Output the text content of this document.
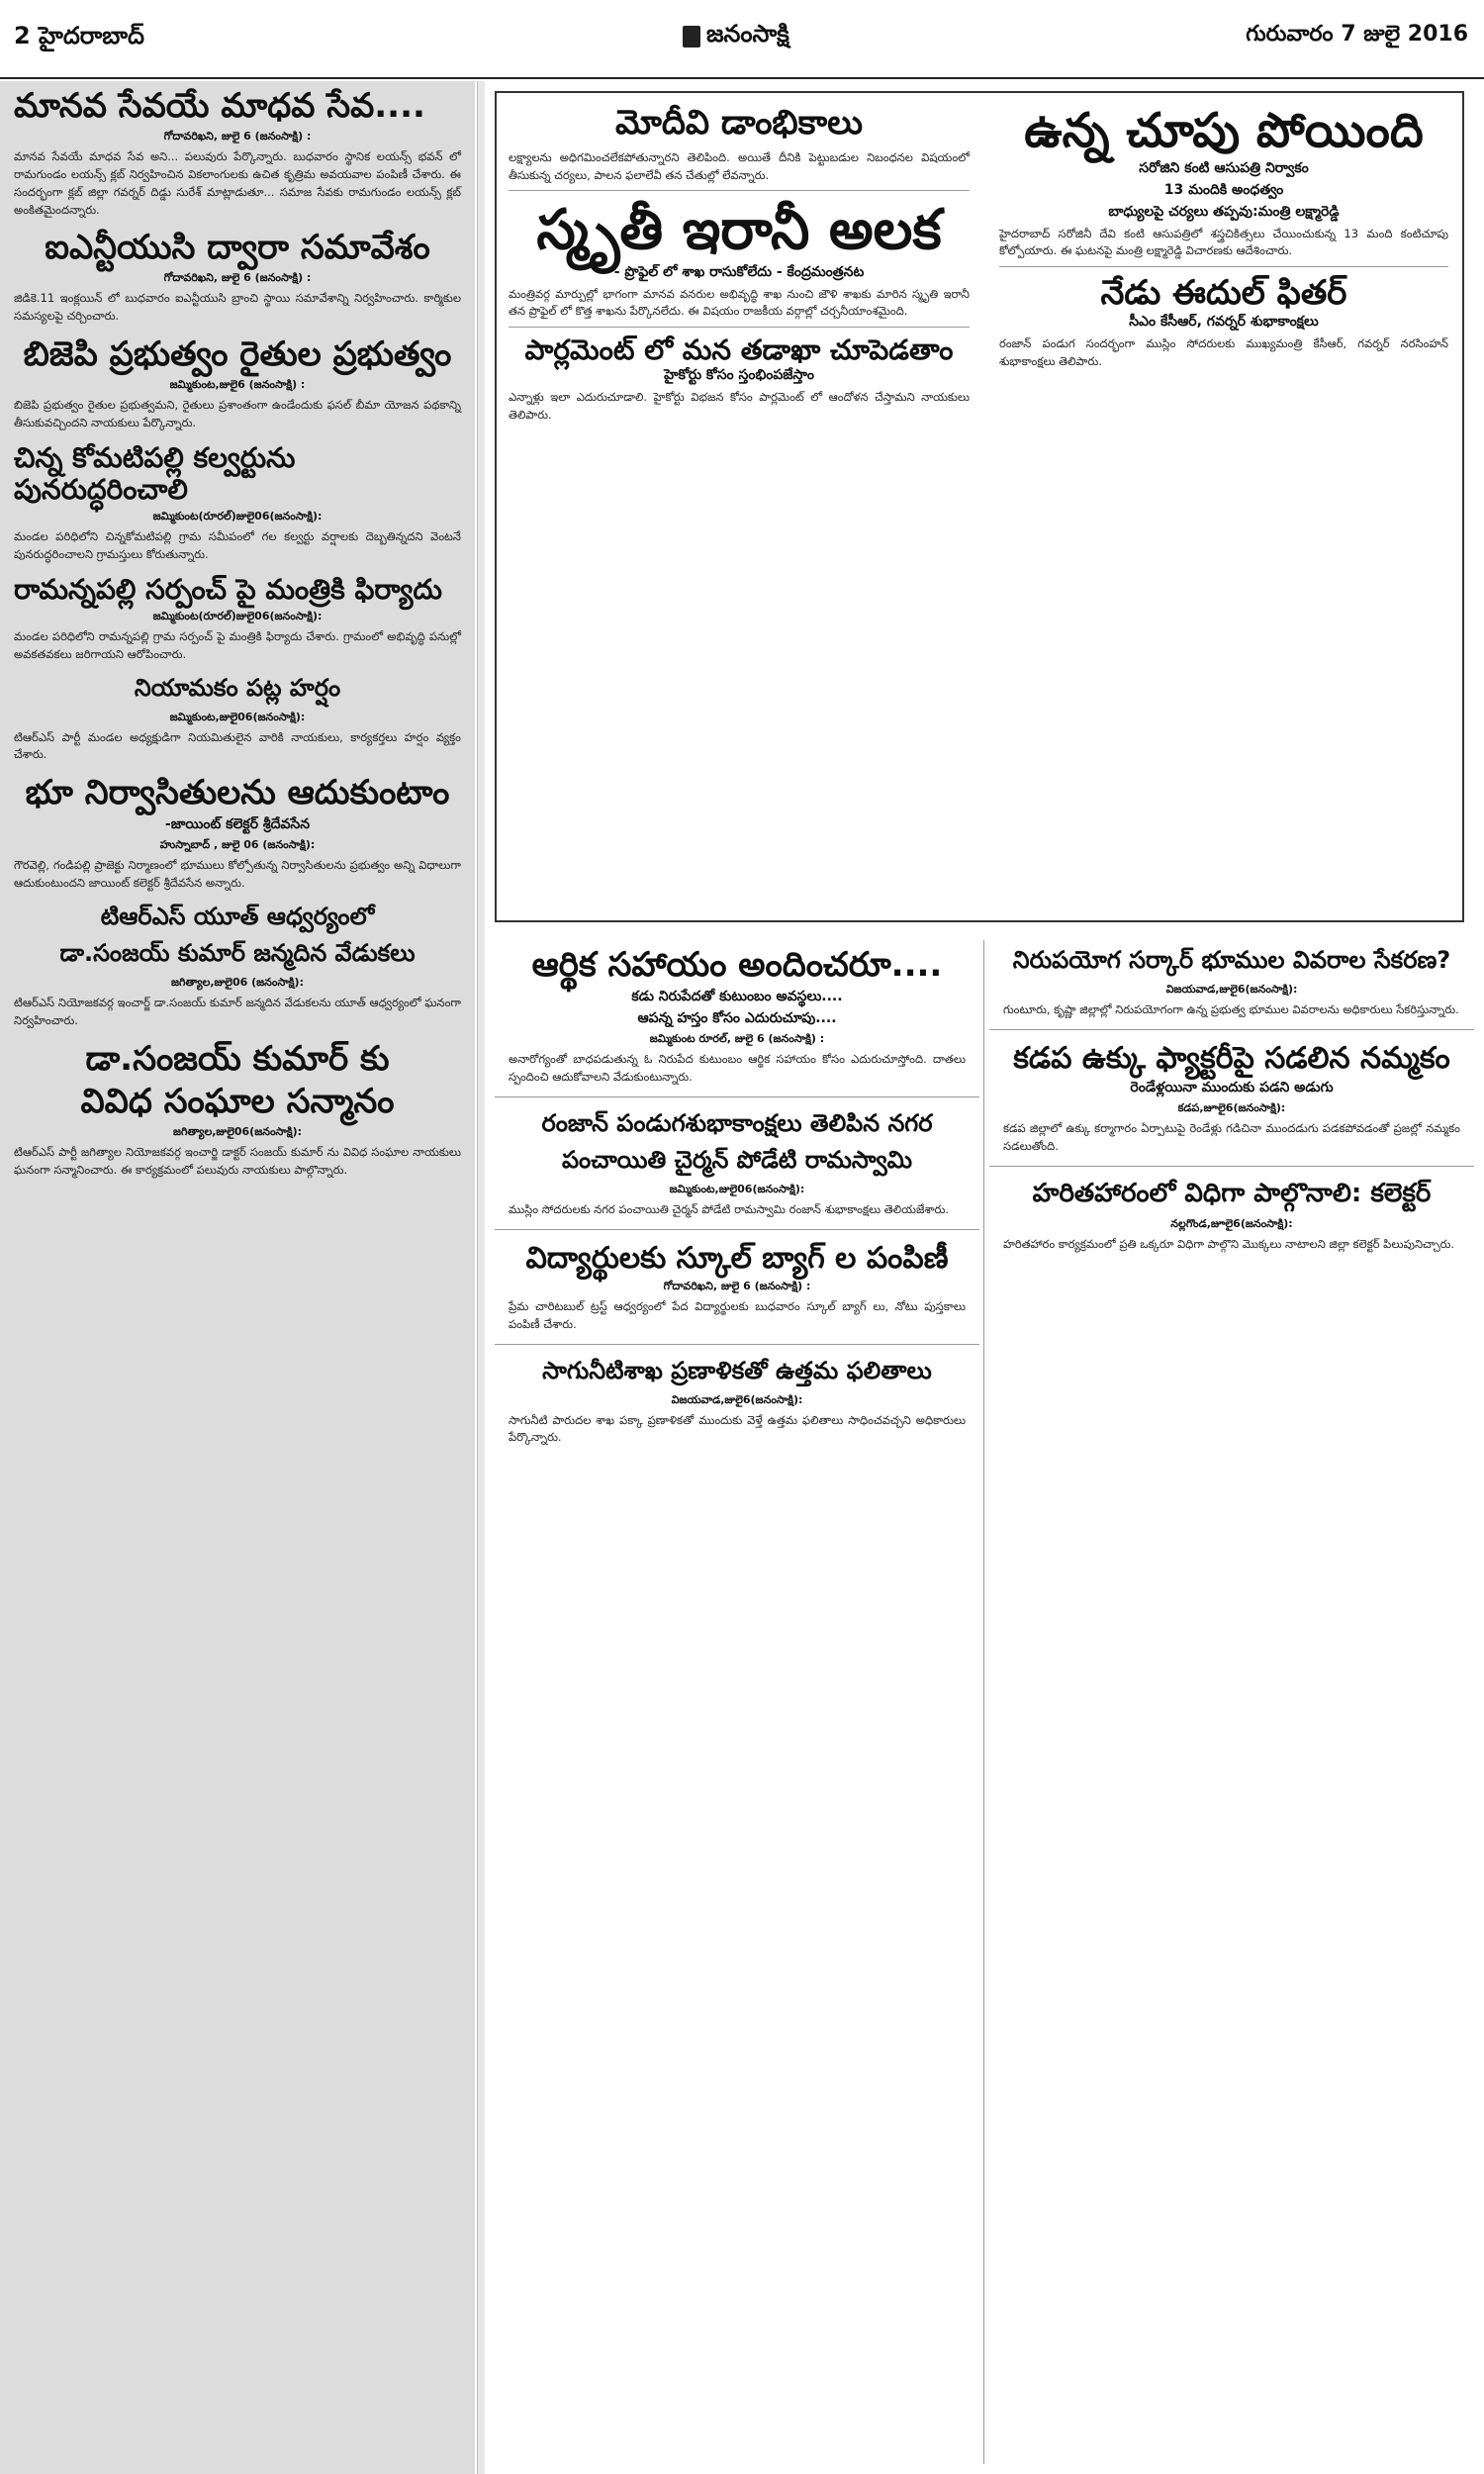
2 హైదరాబాద్	జనంసాక్షి	గురువారం 7 జులై 2016
మానవ సేవయే మాధవ సేవ....
గోదావరిఖని, జులై 6 (జనంసాక్షి) :

మానవ సేవయే మాధవ సేవ అని... పలువురు పేర్కొన్నారు. బుధవారం స్థానిక లయన్స్ భవన్ లో రామగుండం లయన్స్ క్లబ్ నిర్వహించిన వికలాంగులకు ఉచిత కృత్రిమ అవయవాల పంపిణీ చేశారు. ఈ సందర్భంగా క్లబ్ జిల్లా గవర్నర్ దిడ్డు సురేశ్ మాట్లాడుతూ... సమాజ సేవకు రామగుండం లయన్స్ క్లబ్ అంకితమైందన్నారు.

ఐఎన్టీయుసి ద్వారా సమావేశం
గోదావరిఖని, జులై 6 (జనంసాక్షి) :

జిడికె.11 ఇంక్లయిన్ లో బుధవారం ఐఎన్టీయుసి బ్రాంచి స్థాయి సమావేశాన్ని నిర్వహించారు. కార్మికుల సమస్యలపై చర్చించారు.

బిజెపి ప్రభుత్వం రైతుల ప్రభుత్వం
జమ్మికుంట,జులై6 (జనంసాక్షి) :

బిజెపి ప్రభుత్వం రైతుల ప్రభుత్వమని, రైతులు ప్రశాంతంగా ఉండేందుకు ఫసల్ బీమా యోజన పథకాన్ని తీసుకువచ్చిందని నాయకులు పేర్కొన్నారు.

చిన్న కోమటిపల్లి కల్వర్టును పునరుద్ధరించాలి
జమ్మికుంట(రూరల్)జులై06(జనంసాక్షి):

మండల పరిధిలోని చిన్నకోమటిపల్లి గ్రామ సమీపంలో గల కల్వర్టు వర్షాలకు దెబ్బతిన్నదని వెంటనే పునరుద్ధరించాలని గ్రామస్తులు కోరుతున్నారు.

రామన్నపల్లి సర్పంచ్ పై మంత్రికి ఫిర్యాదు
జమ్మికుంట(రూరల్)జులై06(జనంసాక్షి):

మండల పరిధిలోని రామన్నపల్లి గ్రామ సర్పంచ్ పై మంత్రికి ఫిర్యాదు చేశారు. గ్రామంలో అభివృద్ధి పనుల్లో అవకతవకలు జరిగాయని ఆరోపించారు.

నియామకం పట్ల హర్షం
జమ్మికుంట,జులై06(జనంసాక్షి):

టిఆర్ఎస్ పార్టీ మండల అధ్యక్షుడిగా నియమితులైన వారికి నాయకులు, కార్యకర్తలు హర్షం వ్యక్తం చేశారు.

భూ నిర్వాసితులను ఆదుకుంటాం
-జాయింట్ కలెక్టర్ శ్రీదేవసేన
హుస్నాబాద్ , జులై 06 (జనంసాక్షి):

గౌరవెల్లి, గండిపల్లి ప్రాజెక్టు నిర్మాణంలో భూములు కోల్పోతున్న నిర్వాసితులను ప్రభుత్వం అన్ని విధాలుగా ఆదుకుంటుందని జాయింట్ కలెక్టర్ శ్రీదేవసేన అన్నారు.

టిఆర్ఎస్ యూత్ ఆధ్వర్యంలో
డా.సంజయ్ కుమార్ జన్మదిన వేడుకలు
జగిత్యాల,జులై06 (జనంసాక్షి):

టిఆర్ఎస్ నియోజకవర్గ ఇంచార్జ్ డా.సంజయ్ కుమార్ జన్మదిన వేడుకలను యూత్ ఆధ్వర్యంలో ఘనంగా నిర్వహించారు.

డా.సంజయ్ కుమార్ కు
వివిధ సంఘాల సన్మానం
జగిత్యాల,జులై06(జనంసాక్షి):

టిఆర్ఎస్ పార్టీ జగిత్యాల నియోజకవర్గ ఇంచార్జి డాక్టర్ సంజయ్ కుమార్ ను వివిధ సంఘాల నాయకులు ఘనంగా సన్మానించారు. ఈ కార్యక్రమంలో పలువురు నాయకులు పాల్గొన్నారు.

మోదీవి డాంభికాలు

లక్ష్యాలను అధిగమించలేకపోతున్నారని తెలిపింది. అయితే దీనికి పెట్టుబడుల నిబంధనల విషయంలో తీసుకున్న చర్యలు, పాలన ఫలాలేవీ తన చేతుల్లో లేవన్నారు.

స్మృతీ ఇరానీ అలక
- ప్రొఫైల్ లో శాఖ రాసుకోలేదు - కేంద్రమంత్రనట

మంత్రివర్గ మార్పుల్లో భాగంగా మానవ వనరుల అభివృద్ధి శాఖ నుంచి జౌళి శాఖకు మారిన స్మృతి ఇరానీ తన ప్రొఫైల్ లో కొత్త శాఖను పేర్కొనలేదు. ఈ విషయం రాజకీయ వర్గాల్లో చర్చనీయాంశమైంది.

పార్లమెంట్ లో మన తడాఖా చూపెడతాం
హైకోర్టు కోసం స్తంభింపజేస్తాం

ఎన్నాళ్లు ఇలా ఎదురుచూడాలి. హైకోర్టు విభజన కోసం పార్లమెంట్ లో ఆందోళన చేస్తామని నాయకులు తెలిపారు.

ఉన్న చూపు పోయింది
సరోజిని కంటి ఆసుపత్రి నిర్వాకం
13 మందికి అంధత్వం
బాధ్యులపై చర్యలు తప్పవు:మంత్రి లక్ష్మారెడ్డి

హైదరాబాద్ సరోజినీ దేవి కంటి ఆసుపత్రిలో శస్త్రచికిత్సలు చేయించుకున్న 13 మంది కంటిచూపు కోల్పోయారు. ఈ ఘటనపై మంత్రి లక్ష్మారెడ్డి విచారణకు ఆదేశించారు.

నేడు ఈదుల్ ఫితర్
సీఎం కేసీఆర్, గవర్నర్ శుభాకాంక్షలు

రంజాన్ పండుగ సందర్భంగా ముస్లిం సోదరులకు ముఖ్యమంత్రి కేసీఆర్, గవర్నర్ నరసింహన్ శుభాకాంక్షలు తెలిపారు.

ఆర్థిక సహాయం అందించరూ....
కడు నిరుపేదతో కుటుంబం అవస్థలు....
ఆపన్న హస్తం కోసం ఎదురుచూపు....
జమ్మికుంట రూరల్, జులై 6 (జనంసాక్షి) :

అనారోగ్యంతో బాధపడుతున్న ఓ నిరుపేద కుటుంబం ఆర్థిక సహాయం కోసం ఎదురుచూస్తోంది. దాతలు స్పందించి ఆదుకోవాలని వేడుకుంటున్నారు.

రంజాన్ పండుగశుభాకాంక్షలు తెలిపిన నగర
పంచాయితి చైర్మన్ పోడేటి రామస్వామి
జమ్మికుంట,జులై06(జనంసాక్షి):

ముస్లిం సోదరులకు నగర పంచాయితి చైర్మన్ పోడేటి రామస్వామి రంజాన్ శుభాకాంక్షలు తెలియజేశారు.

విద్యార్థులకు స్కూల్ బ్యాగ్ ల పంపిణీ
గోదావరిఖని, జులై 6 (జనంసాక్షి) :

ప్రేమ చారిటబుల్ ట్రస్ట్ ఆధ్వర్యంలో పేద విద్యార్థులకు బుధవారం స్కూల్ బ్యాగ్ లు, నోటు పుస్తకాలు పంపిణీ చేశారు.

సాగునీటిశాఖ ప్రణాళికతో ఉత్తమ ఫలితాలు
విజయవాడ,జులై6(జనంసాక్షి):

సాగునీటి పారుదల శాఖ పక్కా ప్రణాళికతో ముందుకు వెళ్తే ఉత్తమ ఫలితాలు సాధించవచ్చని అధికారులు పేర్కొన్నారు.

నిరుపయోగ సర్కార్ భూముల వివరాల సేకరణ?
విజయవాడ,జులై6(జనంసాక్షి):

గుంటూరు, కృష్ణా జిల్లాల్లో నిరుపయోగంగా ఉన్న ప్రభుత్వ భూముల వివరాలను అధికారులు సేకరిస్తున్నారు.

కడప ఉక్కు ఫ్యాక్టరీపై సడలిన నమ్మకం
రెండేళ్లయినా ముందుకు పడని అడుగు
కడప,జూలై6(జనంసాక్షి):

కడప జిల్లాలో ఉక్కు కర్మాగారం ఏర్పాటుపై రెండేళ్లు గడిచినా ముందడుగు పడకపోవడంతో ప్రజల్లో నమ్మకం సడలుతోంది.

హరితహారంలో విధిగా పాల్గొనాలి: కలెక్టర్
నల్లగొండ,జూలై6(జనంసాక్షి):

హరితహారం కార్యక్రమంలో ప్రతి ఒక్కరూ విధిగా పాల్గొని మొక్కలు నాటాలని జిల్లా కలెక్టర్ పిలుపునిచ్చారు.
